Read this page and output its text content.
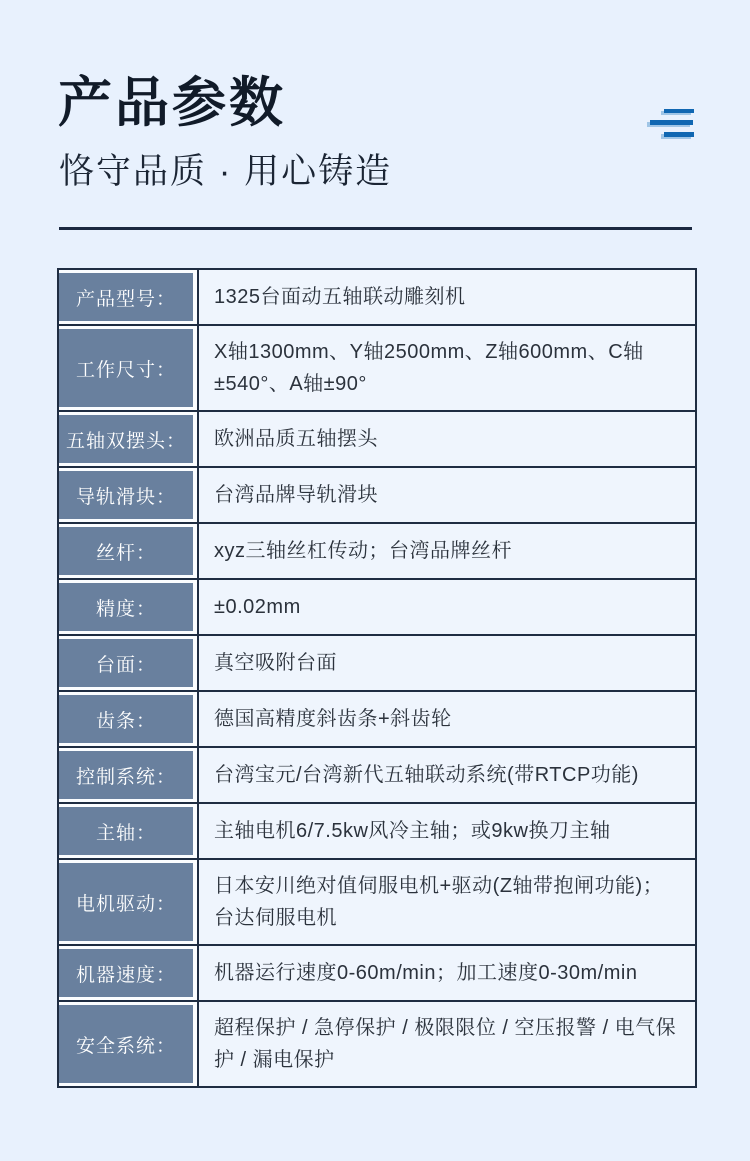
产品参数
恪守品质 · 用心铸造
产品型号：	1325台面动五轴联动雕刻机
工作尺寸：
X轴1300mm、Y轴2500mm、Z轴600mm、C轴±540°、A轴±90°
五轴双摆头：	欧洲品质五轴摆头
导轨滑块：	台湾品牌导轨滑块
丝杆：	xyz三轴丝杠传动；台湾品牌丝杆
精度：	±0.02mm
台面：	真空吸附台面
齿条：	德国高精度斜齿条+斜齿轮
控制系统：	台湾宝元/台湾新代五轴联动系统(带RTCP功能)
主轴：	主轴电机6/7.5kw风冷主轴；或9kw换刀主轴
电机驱动：
日本安川绝对值伺服电机+驱动(Z轴带抱闸功能)；台达伺服电机
机器速度：	机器运行速度0-60m/min；加工速度0-30m/min
安全系统：
超程保护 / 急停保护 / 极限限位 / 空压报警 / 电气保护 / 漏电保护
